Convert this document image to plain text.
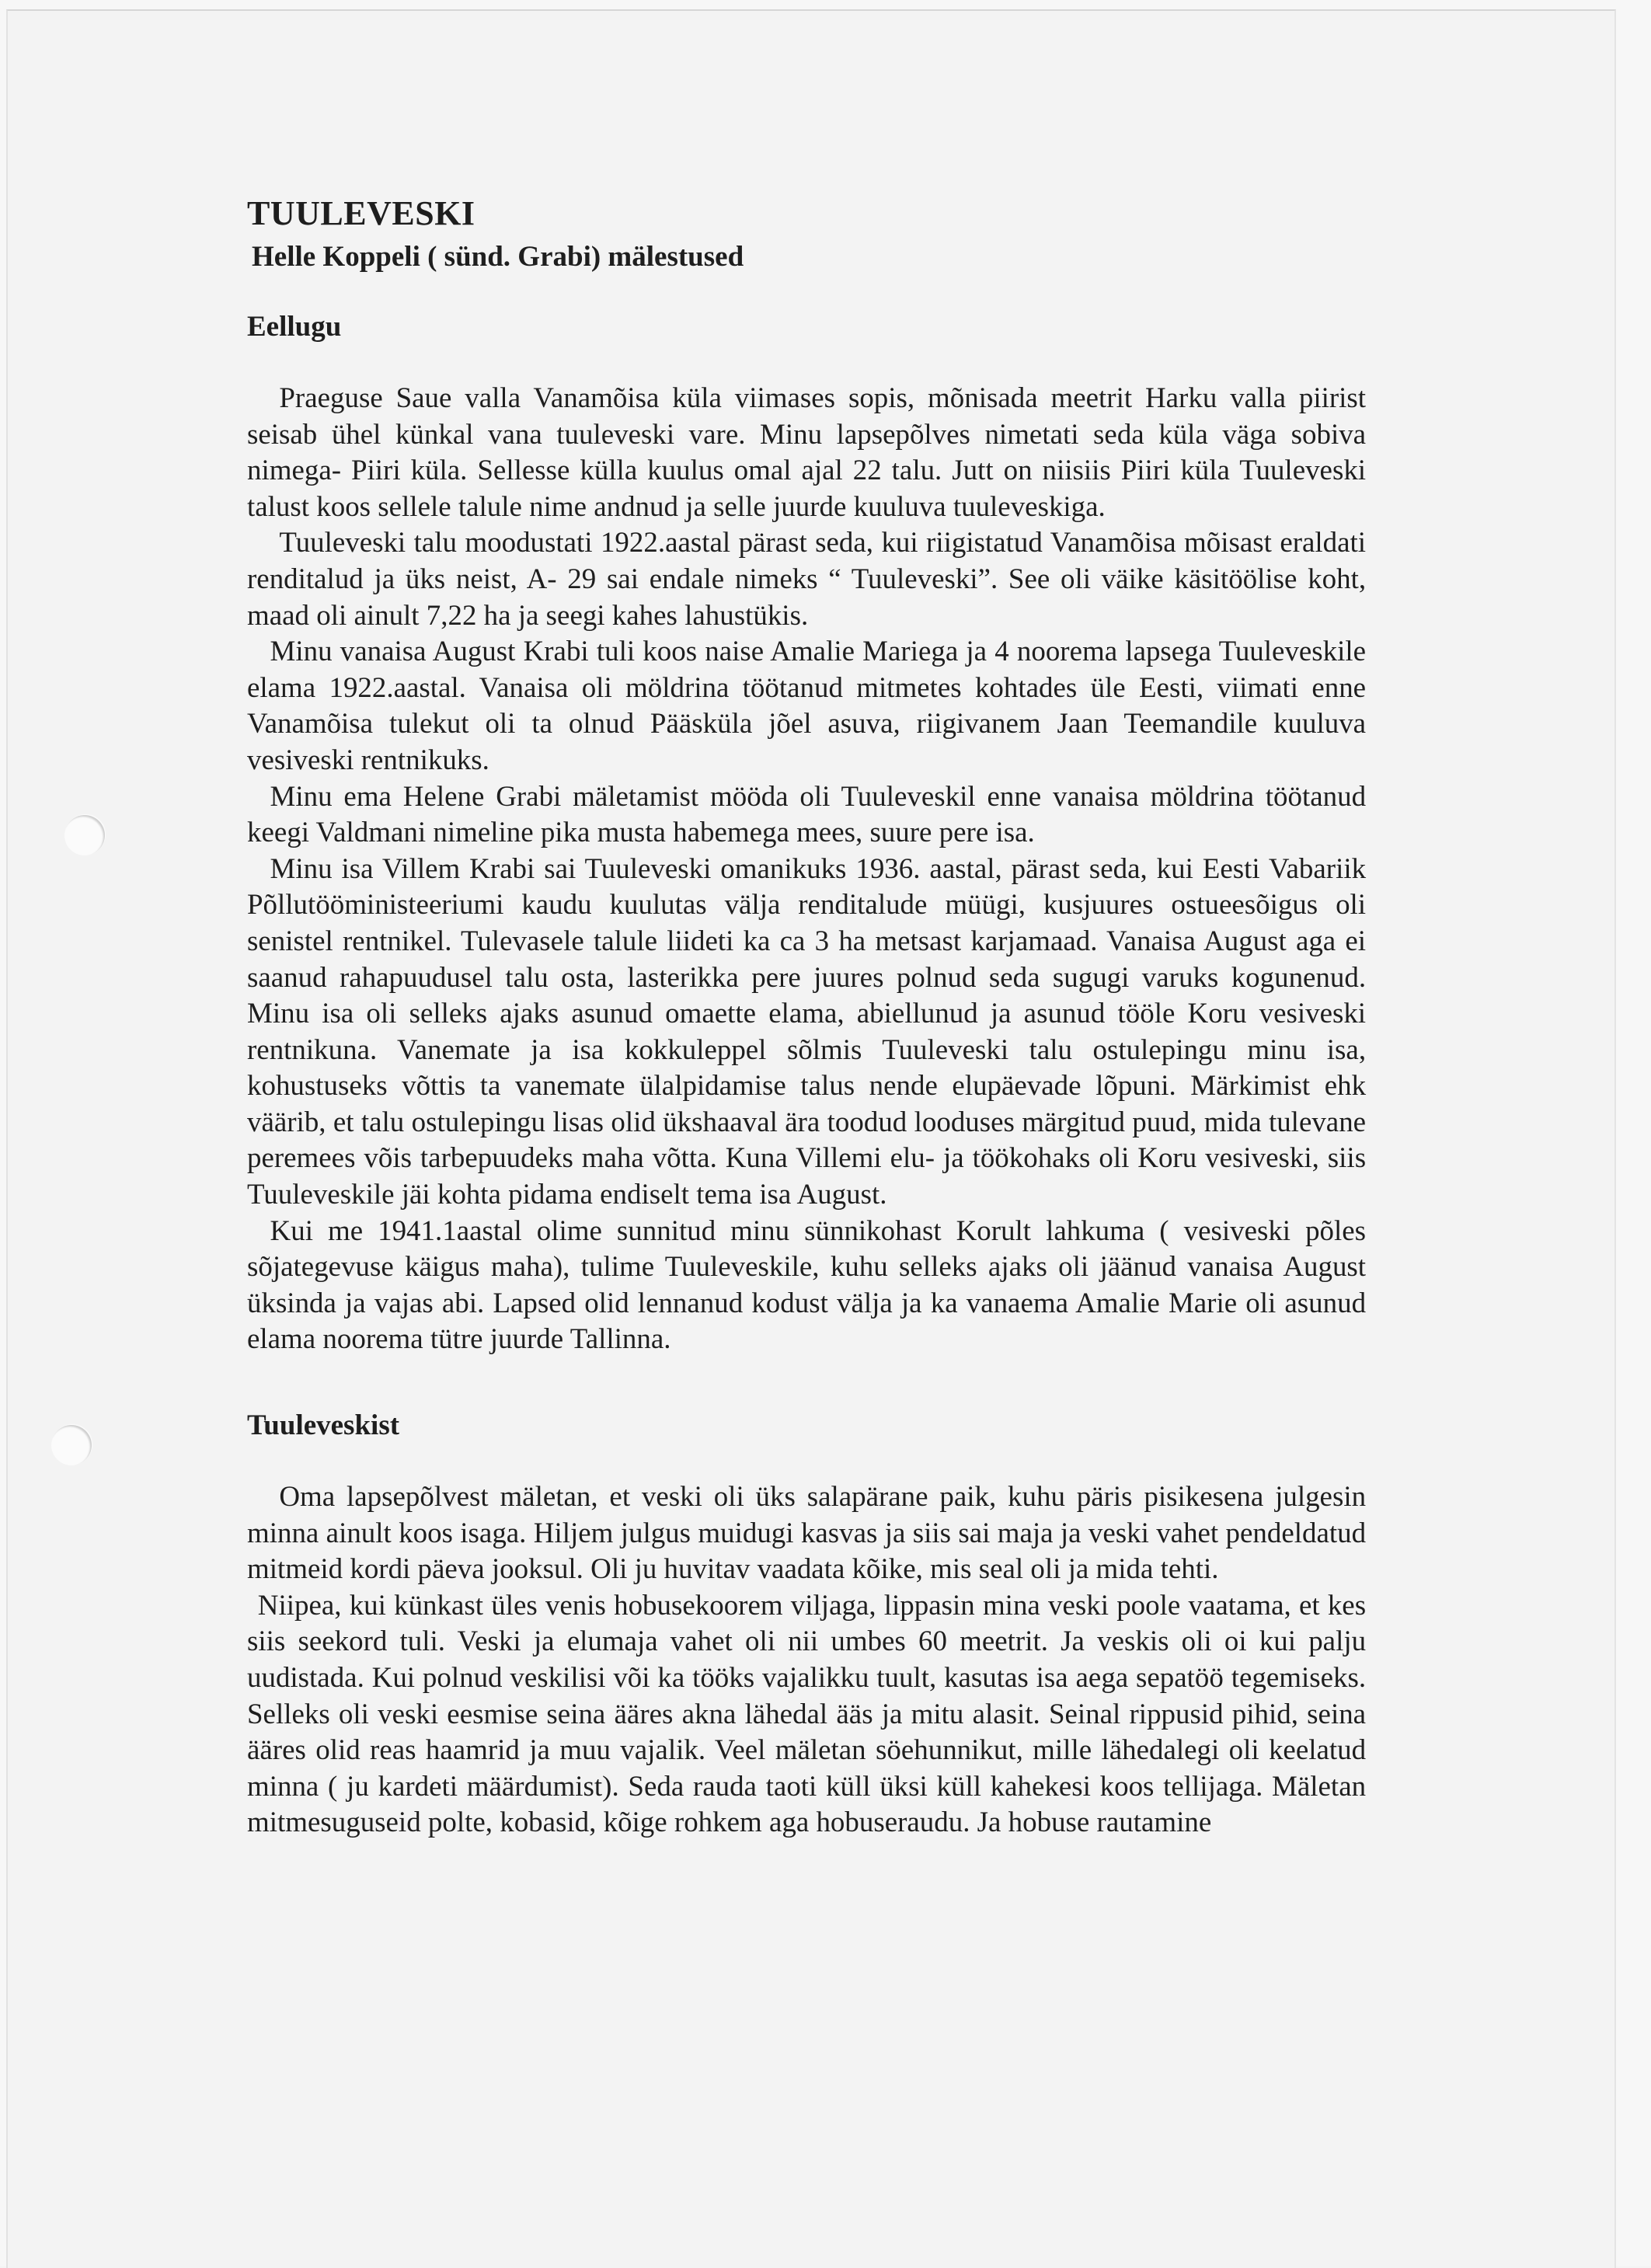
TUULEVESKI
Helle Koppeli ( sünd. Grabi) mälestused
Eellugu

Praeguse Saue valla Vanamõisa küla viimases sopis, mõnisada meetrit Harku valla piirist seisab ühel künkal vana tuuleveski vare. Minu lapsepõlves nimetati seda küla väga sobiva nimega- Piiri küla. Sellesse külla kuulus omal ajal 22 talu. Jutt on niisiis Piiri küla Tuuleveski talust koos sellele talule nime andnud ja selle juurde kuuluva tuuleveskiga.

Tuuleveski talu moodustati 1922.aastal pärast seda, kui riigistatud Vanamõisa mõisast eraldati renditalud ja üks neist, A- 29 sai endale nimeks “ Tuuleveski”. See oli väike käsitöölise koht, maad oli ainult 7,22 ha ja seegi kahes lahustükis.

Minu vanaisa August Krabi tuli koos naise Amalie Mariega ja 4 noorema lapsega Tuuleveskile elama 1922.aastal. Vanaisa oli möldrina töötanud mitmetes kohtades üle Eesti, viimati enne Vanamõisa tulekut oli ta olnud Pääsküla jõel asuva, riigivanem Jaan Teemandile kuuluva vesiveski rentnikuks.

Minu ema Helene Grabi mäletamist mööda oli Tuuleveskil enne vanaisa möldrina töötanud keegi Valdmani nimeline pika musta habemega mees, suure pere isa.

Minu isa Villem Krabi sai Tuuleveski omanikuks 1936. aastal, pärast seda, kui Eesti Vabariik Põllutööministeeriumi kaudu kuulutas välja renditalude müügi, kusjuures ostueesõigus oli senistel rentnikel. Tulevasele talule liideti ka ca 3 ha metsast karjamaad. Vanaisa August aga ei saanud rahapuudusel talu osta, lasterikka pere juures polnud seda sugugi varuks kogunenud. Minu isa oli selleks ajaks asunud omaette elama, abiellunud ja asunud tööle Koru vesiveski rentnikuna. Vanemate ja isa kokkuleppel sõlmis Tuuleveski talu ostulepingu minu isa, kohustuseks võttis ta vanemate ülalpidamise talus nende elupäevade lõpuni. Märkimist ehk väärib, et talu ostulepingu lisas olid ükshaaval ära toodud looduses märgitud puud, mida tulevane peremees võis tarbepuudeks maha võtta. Kuna Villemi elu- ja töökohaks oli Koru vesiveski, siis Tuuleveskile jäi kohta pidama endiselt tema isa August.

Kui me 1941.1aastal olime sunnitud minu sünnikohast Korult lahkuma ( vesiveski põles sõjategevuse käigus maha), tulime Tuuleveskile, kuhu selleks ajaks oli jäänud vanaisa August üksinda ja vajas abi. Lapsed olid lennanud kodust välja ja ka vanaema Amalie Marie oli asunud elama noorema tütre juurde Tallinna.

Tuuleveskist

Oma lapsepõlvest mäletan, et veski oli üks salapärane paik, kuhu päris pisikesena julgesin minna ainult koos isaga. Hiljem julgus muidugi kasvas ja siis sai maja ja veski vahet pendeldatud mitmeid kordi päeva jooksul. Oli ju huvitav vaadata kõike, mis seal oli ja mida tehti.

Niipea, kui künkast üles venis hobusekoorem viljaga, lippasin mina veski poole vaatama, et kes siis seekord tuli. Veski ja elumaja vahet oli nii umbes 60 meetrit. Ja veskis oli oi kui palju uudistada. Kui polnud veskilisi või ka tööks vajalikku tuult, kasutas isa aega sepatöö tegemiseks. Selleks oli veski eesmise seina ääres akna lähedal ääs ja mitu alasit. Seinal rippusid pihid, seina ääres olid reas haamrid ja muu vajalik. Veel mäletan söehunnikut, mille lähedalegi oli keelatud minna ( ju kardeti määrdumist). Seda rauda taoti küll üksi küll kahekesi koos tellijaga. Mäletan mitmesuguseid polte, kobasid, kõige rohkem aga hobuseraudu. Ja hobuse rautamine
